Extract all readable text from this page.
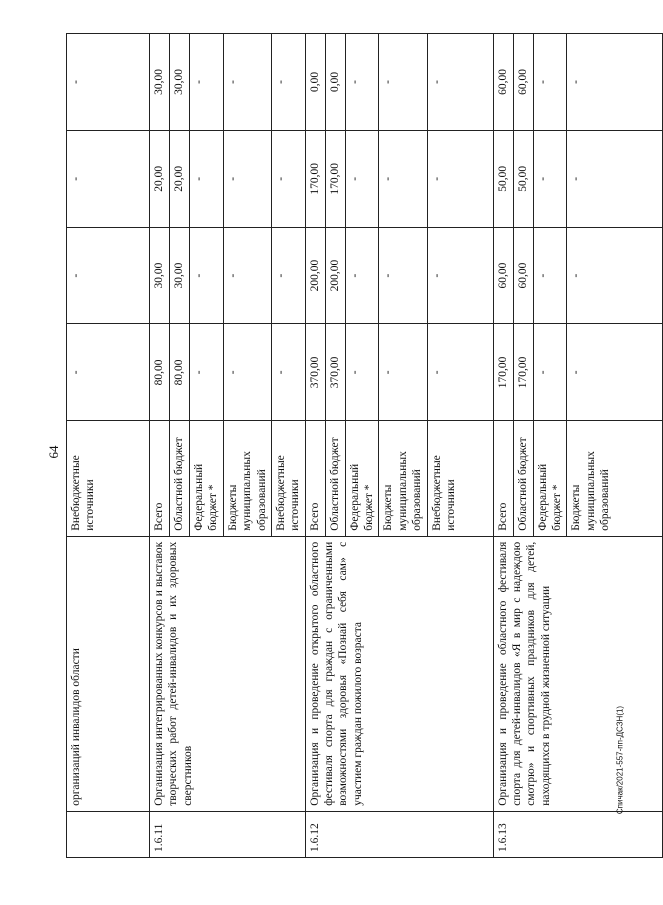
64
Спичак/2021-557-пп-ДСЗН(1)
	организаций инвалидов области	Внебюджетные источники	-	-	-	-
1.6.11	Организация интегрированных конкурсов и выставок творческих работ детей-инвалидов и их здоровых сверстников	Всего	80,00	30,00	20,00	30,00
		Областной бюджет	80,00	30,00	20,00	30,00
		Федеральный бюджет *	-	-	-	-
		Бюджеты муниципальных образований	-	-	-	-
		Внебюджетные источники	-	-	-	-
1.6.12	Организация и проведение открытого областного фестиваля спорта для граждан с ограниченными возможностями здоровья «Познай себя сам» с участием граждан пожилого возраста	Всего	370,00	200,00	170,00	0,00
		Областной бюджет	370,00	200,00	170,00	0,00
		Федеральный бюджет *	-	-	-	-
		Бюджеты муниципальных образований	-	-	-	-
		Внебюджетные источники	-	-	-	-
1.6.13	Организация и проведение областного фестиваля спорта для детей-инвалидов «Я в мир с надеждою смотрю» и спортивных праздников для детей, находящихся в трудной жизненной ситуации	Всего	170,00	60,00	50,00	60,00
		Областной бюджет	170,00	60,00	50,00	60,00
		Федеральный бюджет *	-	-	-	-
		Бюджеты муниципальных образований	-	-	-	-
